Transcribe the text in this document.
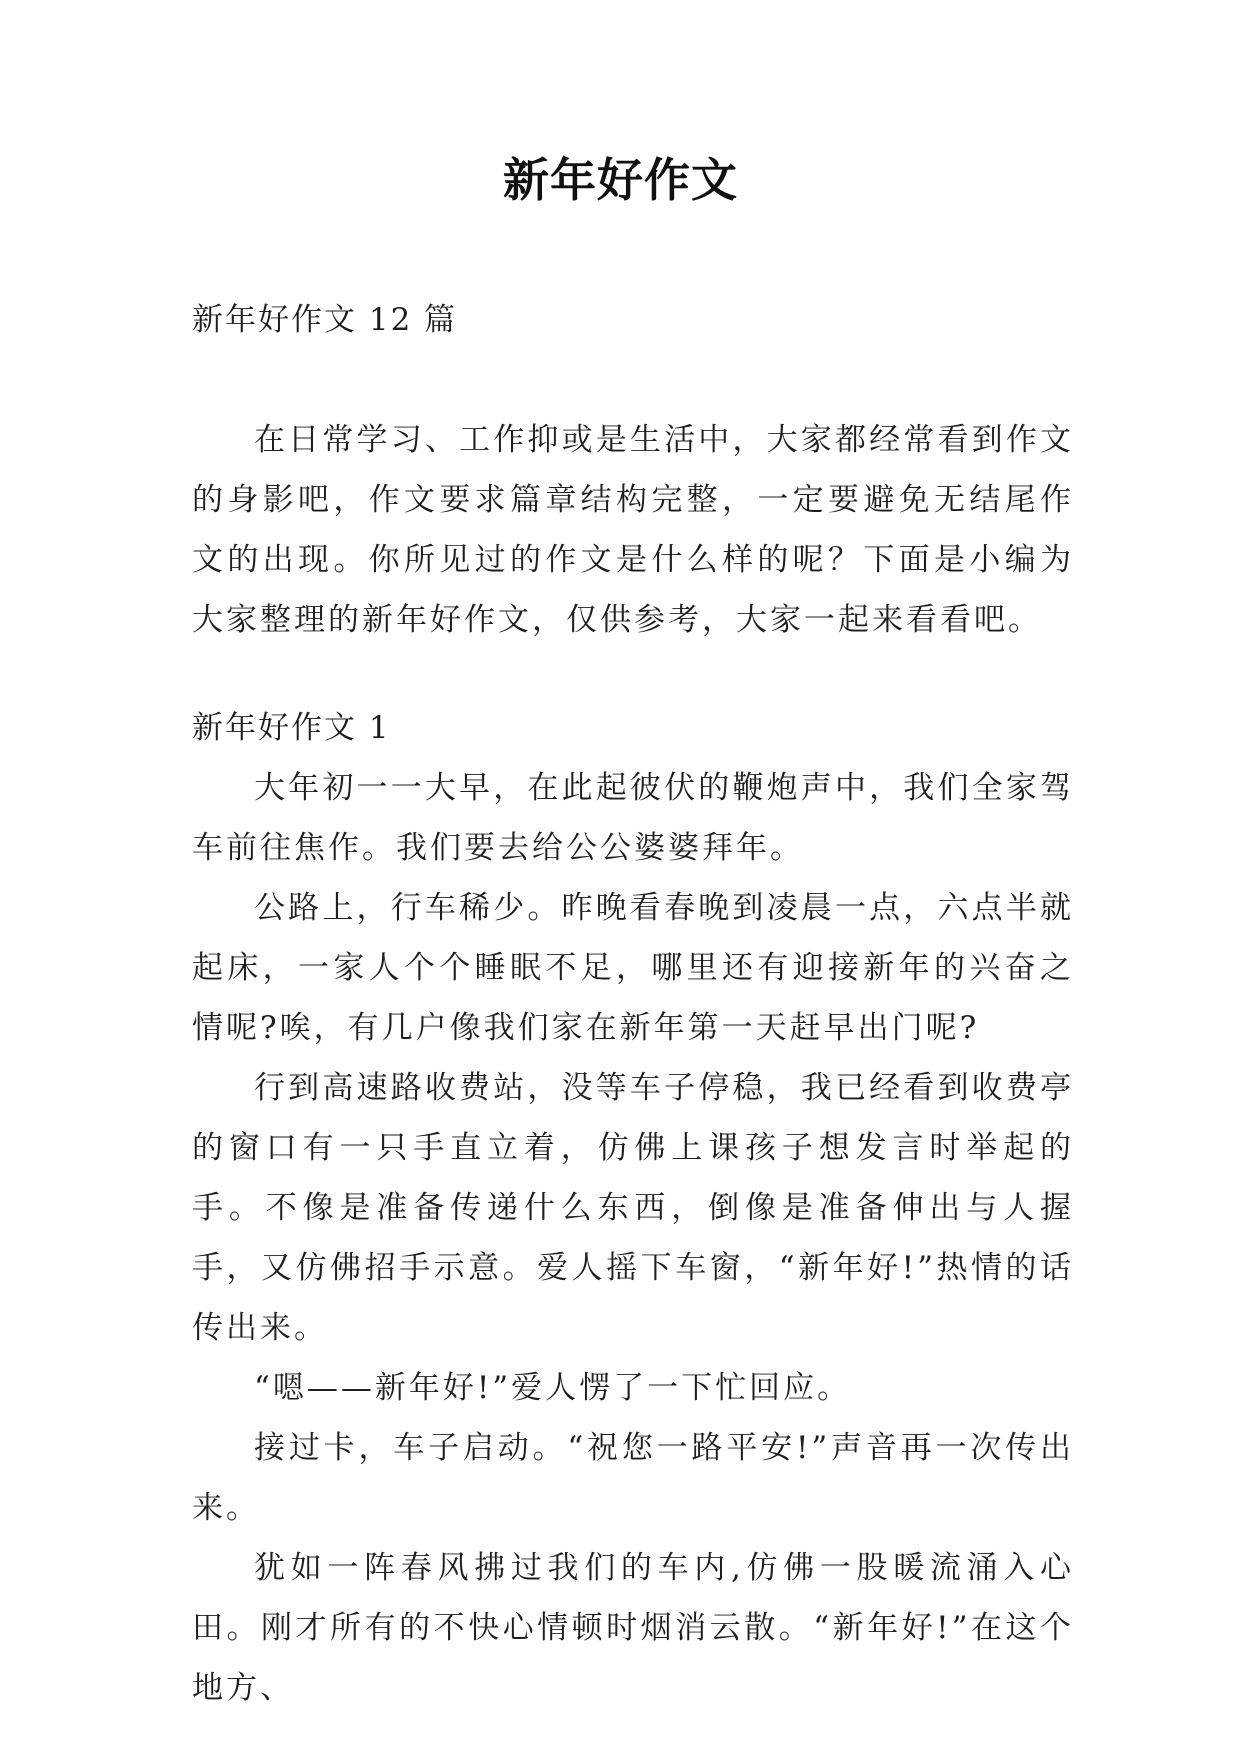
新年好作文

新年好作文 12 篇

在日常学习、工作抑或是生活中，大家都经常看到作文的身影吧，作文要求篇章结构完整，一定要避免无结尾作文的出现。你所见过的作文是什么样的呢？下面是小编为大家整理的新年好作文，仅供参考，大家一起来看看吧。

新年好作文 1

大年初一一大早，在此起彼伏的鞭炮声中，我们全家驾车前往焦作。我们要去给公公婆婆拜年。

公路上，行车稀少。昨晚看春晚到凌晨一点，六点半就起床，一家人个个睡眠不足，哪里还有迎接新年的兴奋之情呢?唉，有几户像我们家在新年第一天赶早出门呢?

行到高速路收费站，没等车子停稳，我已经看到收费亭的窗口有一只手直立着，仿佛上课孩子想发言时举起的手。不像是准备传递什么东西，倒像是准备伸出与人握手，又仿佛招手示意。爱人摇下车窗，“新年好!”热情的话传出来。

“嗯——新年好!”爱人愣了一下忙回应。

接过卡，车子启动。“祝您一路平安!”声音再一次传出来。

犹如一阵春风拂过我们的车内,仿佛一股暖流涌入心田。刚才所有的不快心情顿时烟消云散。“新年好!”在这个地方、
